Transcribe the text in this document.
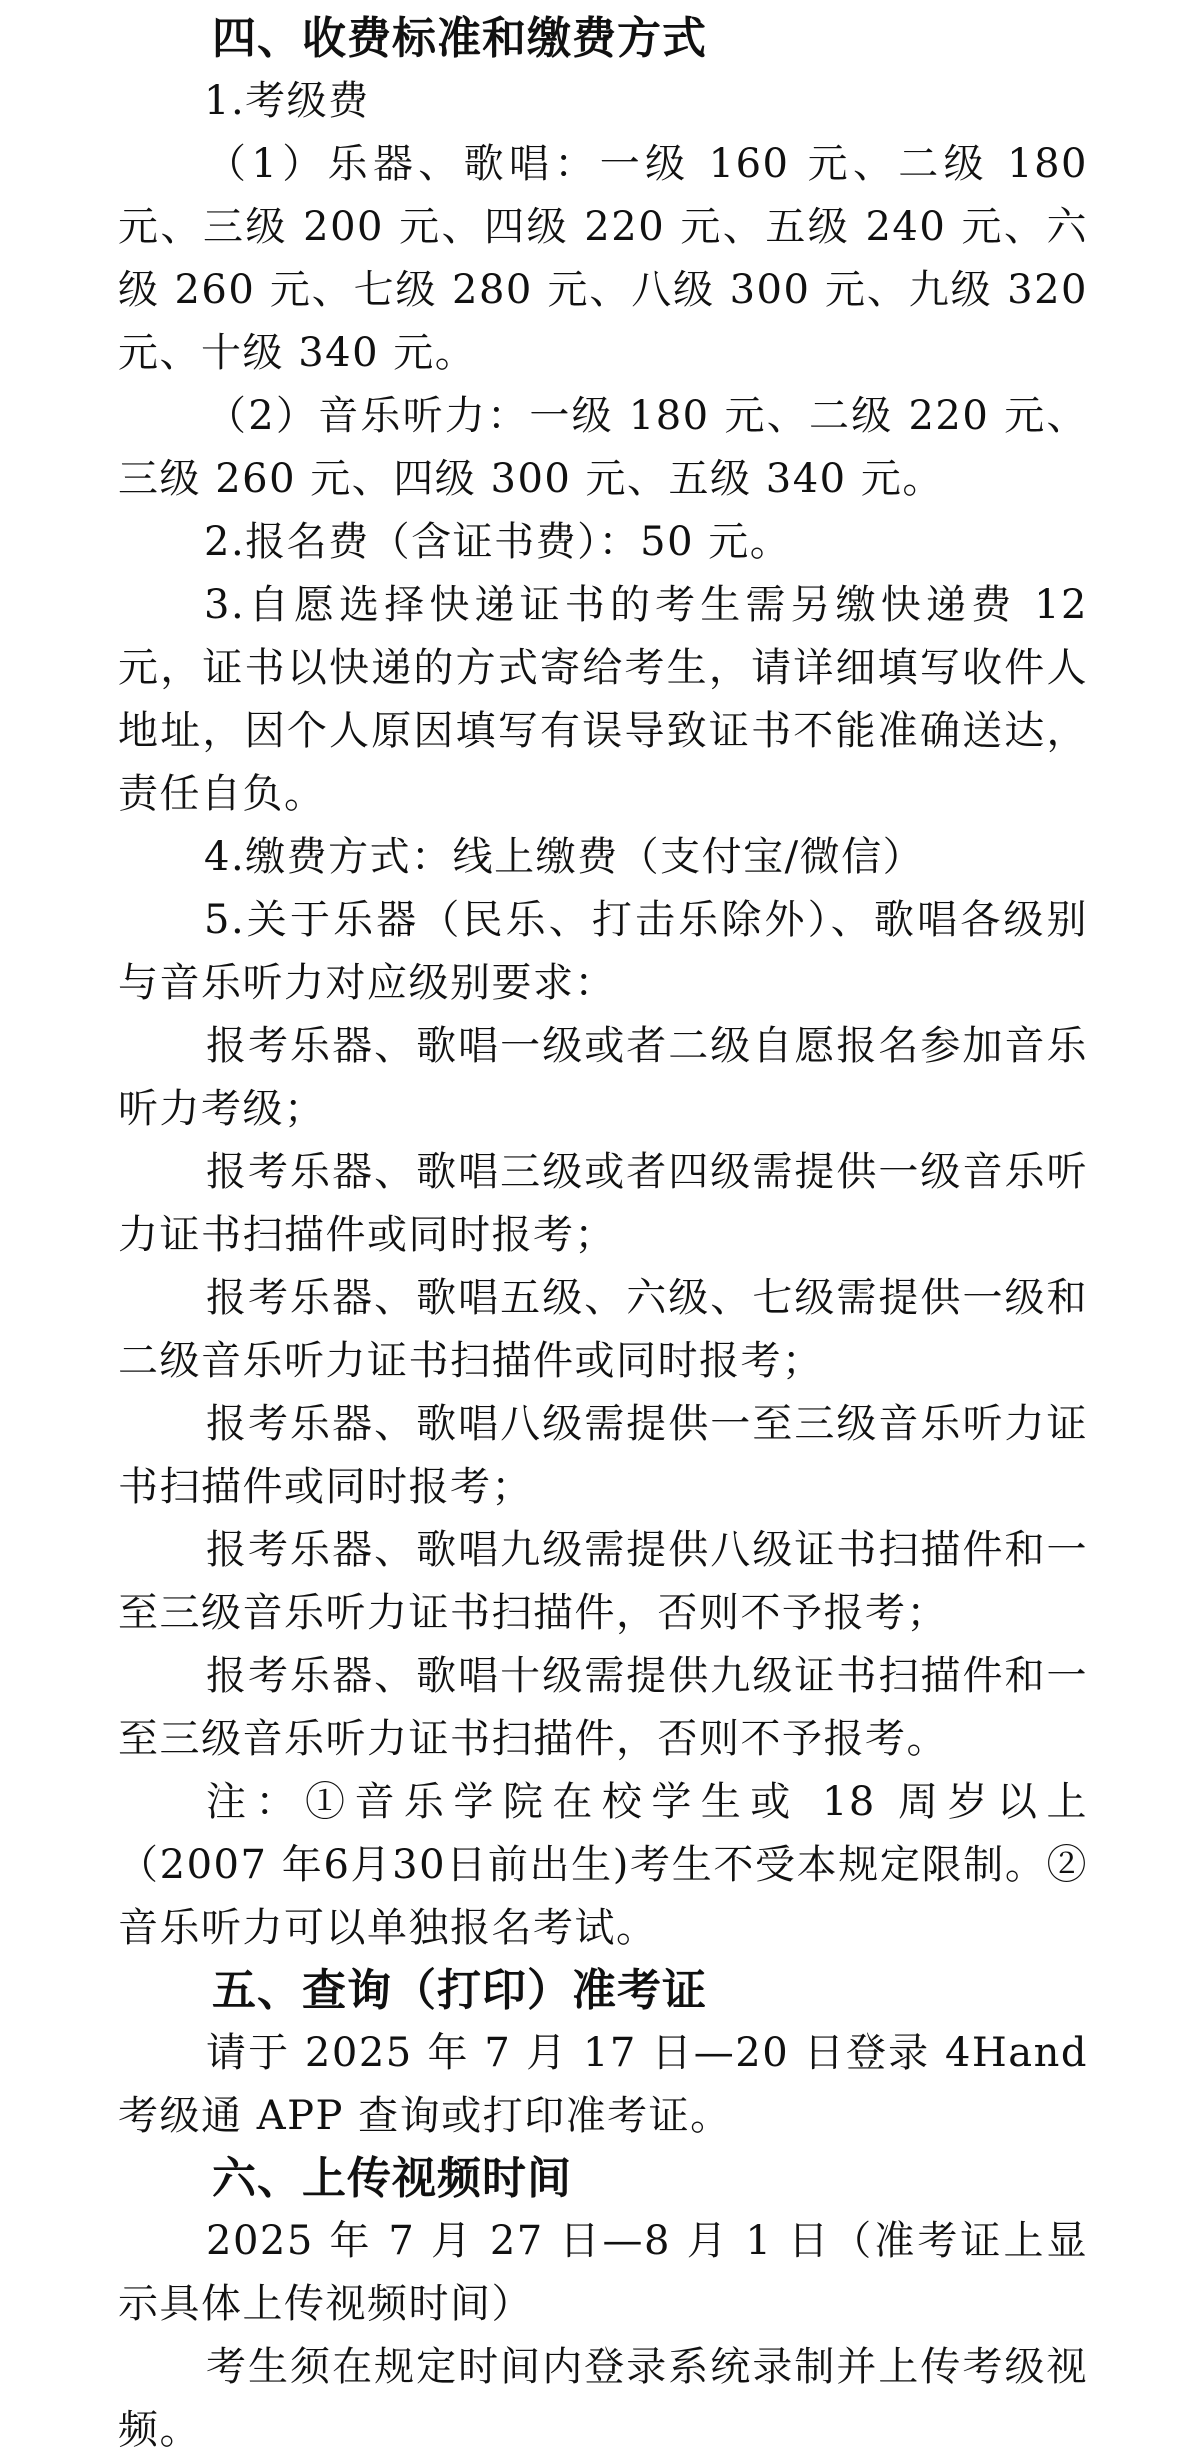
四、收费标准和缴费方式

1.考级费

（1）乐器、歌唱：一级 160 元、二级 180 元、三级 200 元、四级 220 元、五级 240 元、六级 260 元、七级 280 元、八级 300 元、九级 320 元、十级 340 元。

（2）音乐听力：一级 180 元、二级 220 元、三级 260 元、四级 300 元、五级 340 元。

2.报名费（含证书费）：50 元。

3.自愿选择快递证书的考生需另缴快递费 12 元，证书以快递的方式寄给考生，请详细填写收件人地址，因个人原因填写有误导致证书不能准确送达，责任自负。

4.缴费方式：线上缴费（支付宝/微信）

5.关于乐器（民乐、打击乐除外）、歌唱各级别与音乐听力对应级别要求：

报考乐器、歌唱一级或者二级自愿报名参加音乐听力考级；

报考乐器、歌唱三级或者四级需提供一级音乐听力证书扫描件或同时报考；

报考乐器、歌唱五级、六级、七级需提供一级和二级音乐听力证书扫描件或同时报考；

报考乐器、歌唱八级需提供一至三级音乐听力证书扫描件或同时报考；

报考乐器、歌唱九级需提供八级证书扫描件和一至三级音乐听力证书扫描件，否则不予报考；

报考乐器、歌唱十级需提供九级证书扫描件和一至三级音乐听力证书扫描件，否则不予报考。

注：①音乐学院在校学生或 18 周岁以上（2007 年6月30日前出生)考生不受本规定限制。②音乐听力可以单独报名考试。

五、查询（打印）准考证

请于 2025 年 7 月 17 日—20 日登录 4Hand 考级通 APP 查询或打印准考证。

六、上传视频时间

2025 年 7 月 27 日—8 月 1 日（准考证上显示具体上传视频时间）

考生须在规定时间内登录系统录制并上传考级视频。
